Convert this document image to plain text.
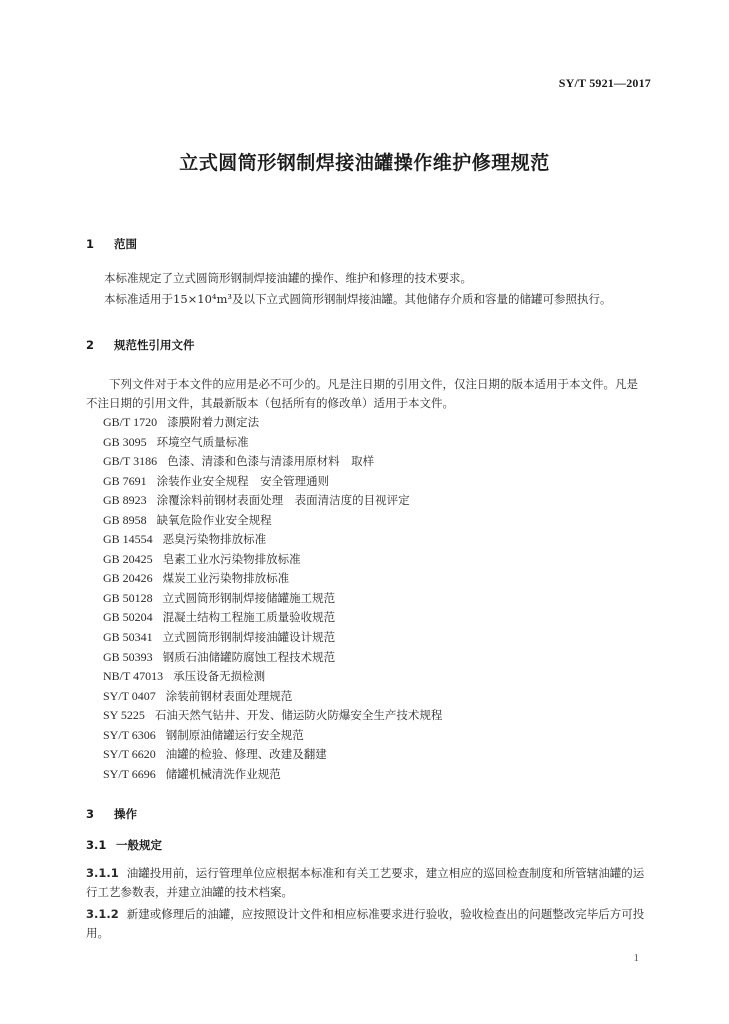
SY/T 5921—2017
立式圆筒形钢制焊接油罐操作维护修理规范
1 范围
本标准规定了立式圆筒形钢制焊接油罐的操作、维护和修理的技术要求。
本标准适用于15×10⁴m³及以下立式圆筒形钢制焊接油罐。其他储存介质和容量的储罐可参照执行。
2 规范性引用文件
下列文件对于本文件的应用是必不可少的。凡是注日期的引用文件，仅注日期的版本适用于本文件。凡是不注日期的引用文件，其最新版本（包括所有的修改单）适用于本文件。
GB/T 1720 漆膜附着力测定法
GB 3095 环境空气质量标准
GB/T 3186 色漆、清漆和色漆与清漆用原材料　取样
GB 7691 涂装作业安全规程　安全管理通则
GB 8923 涂覆涂料前钢材表面处理　表面清洁度的目视评定
GB 8958 缺氧危险作业安全规程
GB 14554 恶臭污染物排放标准
GB 20425 皂素工业水污染物排放标准
GB 20426 煤炭工业污染物排放标准
GB 50128 立式圆筒形钢制焊接储罐施工规范
GB 50204 混凝土结构工程施工质量验收规范
GB 50341 立式圆筒形钢制焊接油罐设计规范
GB 50393 钢质石油储罐防腐蚀工程技术规范
NB/T 47013 承压设备无损检测
SY/T 0407 涂装前钢材表面处理规范
SY 5225 石油天然气钻井、开发、储运防火防爆安全生产技术规程
SY/T 6306 钢制原油储罐运行安全规范
SY/T 6620 油罐的检验、修理、改建及翻建
SY/T 6696 储罐机械清洗作业规范
3 操作
3.1 一般规定
3.1.1 油罐投用前，运行管理单位应根据本标准和有关工艺要求，建立相应的巡回检查制度和所管辖油罐的运行工艺参数表，并建立油罐的技术档案。
3.1.2 新建或修理后的油罐，应按照设计文件和相应标准要求进行验收，验收检查出的问题整改完毕后方可投用。
1
